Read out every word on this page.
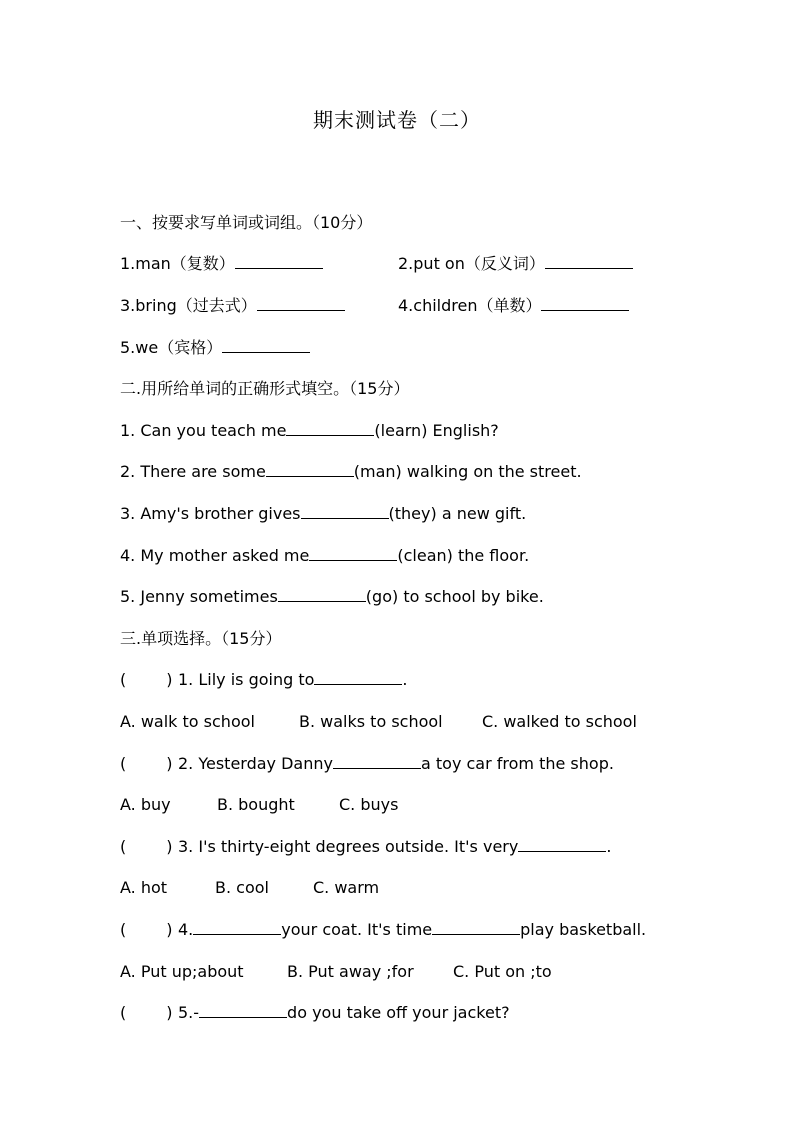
期末测试卷（二）
一、按要求写单词或词组。（10分）
1.man（复数）	2.put on（反义词）
3.bring（过去式）	4.children（单数）
5.we（宾格）
二.用所给单词的正确形式填空。（15分）
1. Can you teach me	(learn) English?
2. There are some	(man) walking on the street.
3. Amy's brother gives	(they) a new gift.
4. My mother asked me	(clean) the floor.
5. Jenny sometimes	(go) to school by bike.
三.单项选择。（15分）
(	) 1. Lily is going to	.
A. walk to school	B. walks to school C. walked to school
(	) 2. Yesterday Danny	a toy car from the shop.
A. buy	B. bought	C. buys
(	) 3. I's thirty-eight degrees outside. It's very	.
A. hot	B. cool	C. warm
(	) 4.	your coat. It's time	play basketball.
A. Put up;about	B. Put away ;for C. Put on ;to
(	) 5.-	do you take off your jacket?
